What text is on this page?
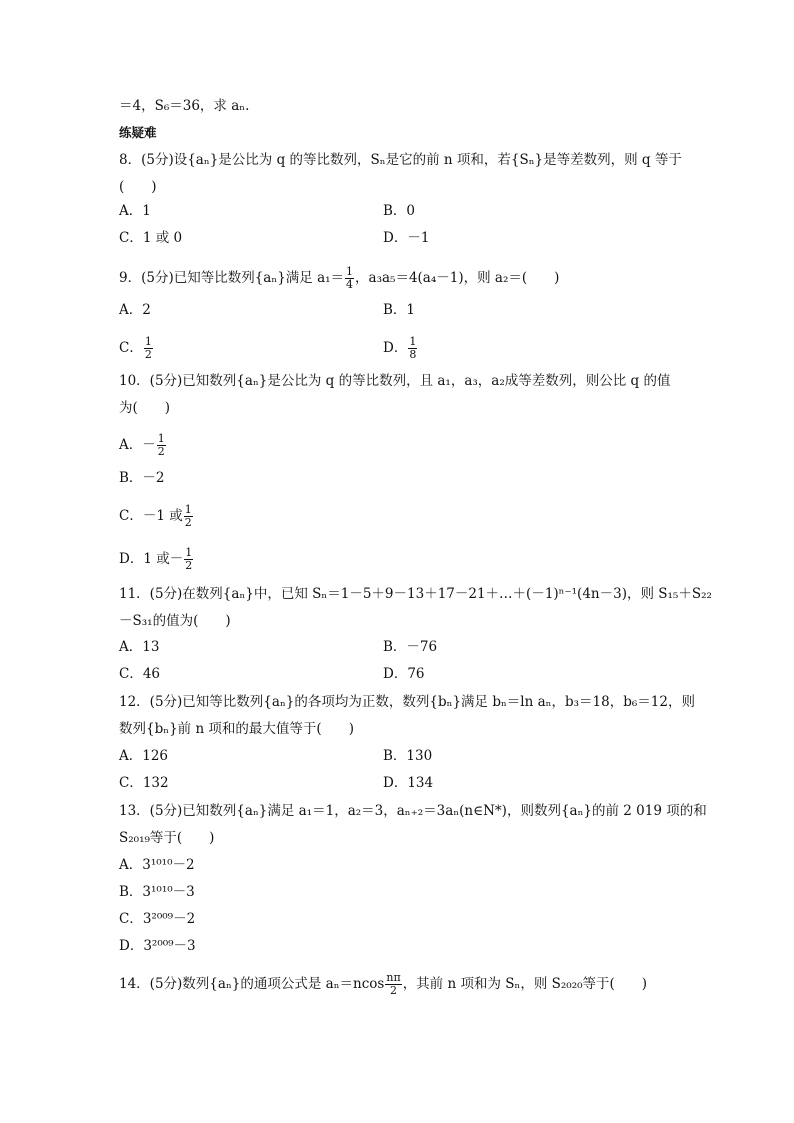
＝4，S₆＝36，求 aₙ.
练疑难
8．(5分)设{aₙ}是公比为 q 的等比数列，Sₙ是它的前 n 项和，若{Sₙ}是等差数列，则 q 等于
(　　)
A．1	B．0
C．1 或 0	D．－1
9．(5分)已知等比数列{aₙ}满足 $a_1= \frac{1}{4}$ ，a₃a₅＝4(a₄－1)，则 a₂＝(　　)
A．2	B．1
C． $\frac{1}{2}$	D． $\frac{1}{8}$
10．(5分)已知数列{aₙ}是公比为 q 的等比数列，且 a₁，a₃，a₂成等差数列，则公比 q 的值
为(　　)
A．－ $\frac{1}{2}$
B．－2
C．－1 或 $\frac{1}{2}$
D．1 或－ $\frac{1}{2}$
11．(5分)在数列{aₙ}中，已知 Sₙ＝1－5＋9－13＋17－21＋…＋(－1)ⁿ⁻¹(4n－3)，则 S₁₅＋S₂₂
－S₃₁的值为(　　)
A．13	B．－76
C．46	D．76
12．(5分)已知等比数列{aₙ}的各项均为正数，数列{bₙ}满足 bₙ＝ln aₙ，b₃＝18，b₆＝12，则
数列{bₙ}前 n 项和的最大值等于(　　)
A．126	B．130
C．132	D．134
13．(5分)已知数列{aₙ}满足 a₁＝1，a₂＝3，aₙ₊₂＝3aₙ(n∈N*)，则数列{aₙ}的前 2 019 项的和
S₂₀₁₉等于(　　)
A．3¹⁰¹⁰－2
B．3¹⁰¹⁰－3
C．3²⁰⁰⁹－2
D．3²⁰⁰⁹－3
14．(5分)数列{aₙ}的通项公式是 $a_n=ncos \frac{n\pi}{2}$ ，其前 n 项和为 Sₙ，则 S₂₀₂₀等于(　　)
